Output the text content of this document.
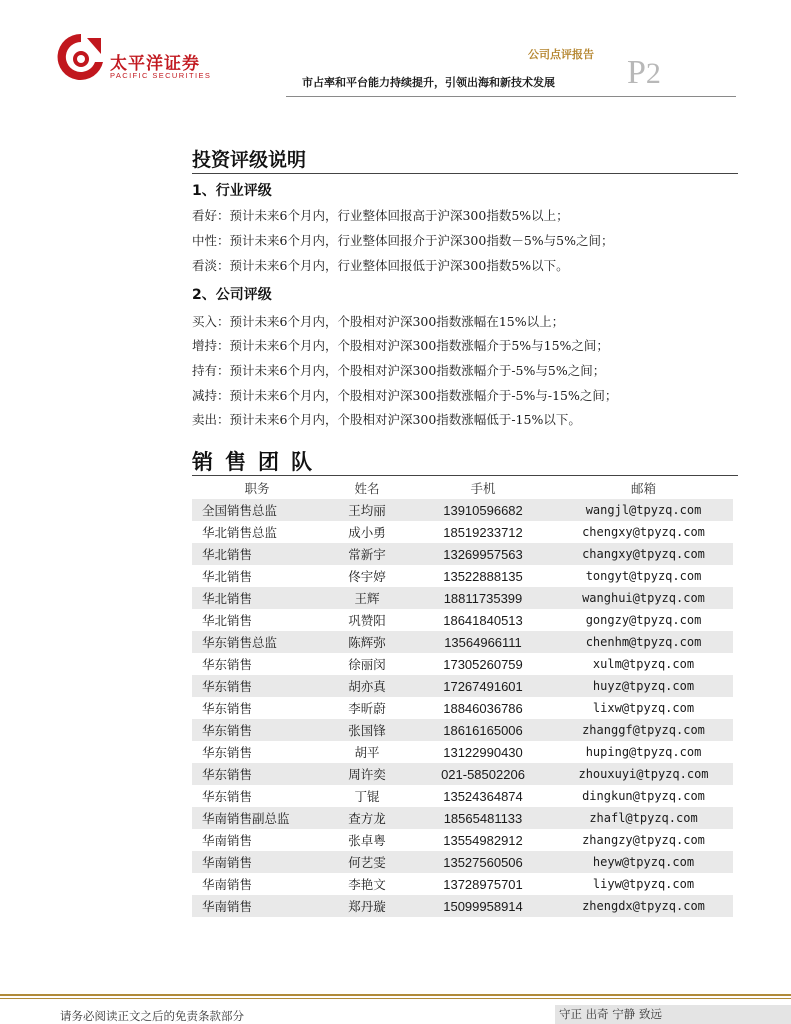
太平洋证券
PACIFIC SECURITIES
公司点评报告
市占率和平台能力持续提升，引领出海和新技术发展 P2
投资评级说明
1、行业评级
看好：预计未来6个月内，行业整体回报高于沪深300指数5%以上；
中性：预计未来6个月内，行业整体回报介于沪深300指数－5%与5%之间；
看淡：预计未来6个月内，行业整体回报低于沪深300指数5%以下。
2、公司评级
买入：预计未来6个月内，个股相对沪深300指数涨幅在15%以上；
增持：预计未来6个月内，个股相对沪深300指数涨幅介于5%与15%之间；
持有：预计未来6个月内，个股相对沪深300指数涨幅介于-5%与5%之间；
减持：预计未来6个月内，个股相对沪深300指数涨幅介于-5%与-15%之间；
卖出：预计未来6个月内，个股相对沪深300指数涨幅低于-15%以下。
销售团队
职务	姓名	手机	邮箱
全国销售总监	王均丽	13910596682	wangjl@tpyzq.com
华北销售总监	成小勇	18519233712	chengxy@tpyzq.com
华北销售	常新宇	13269957563	changxy@tpyzq.com
华北销售	佟宇婷	13522888135	tongyt@tpyzq.com
华北销售	王辉	18811735399	wanghui@tpyzq.com
华北销售	巩赞阳	18641840513	gongzy@tpyzq.com
华东销售总监	陈辉弥	13564966111	chenhm@tpyzq.com
华东销售	徐丽闵	17305260759	xulm@tpyzq.com
华东销售	胡亦真	17267491601	huyz@tpyzq.com
华东销售	李昕蔚	18846036786	lixw@tpyzq.com
华东销售	张国锋	18616165006	zhanggf@tpyzq.com
华东销售	胡平	13122990430	huping@tpyzq.com
华东销售	周许奕	021-58502206	zhouxuyi@tpyzq.com
华东销售	丁锟	13524364874	dingkun@tpyzq.com
华南销售副总监	查方龙	18565481133	zhafl@tpyzq.com
华南销售	张卓粤	13554982912	zhangzy@tpyzq.com
华南销售	何艺雯	13527560506	heyw@tpyzq.com
华南销售	李艳文	13728975701	liyw@tpyzq.com
华南销售	郑丹璇	15099958914	zhengdx@tpyzq.com
请务必阅读正文之后的免责条款部分	守正 出奇 宁静 致远
